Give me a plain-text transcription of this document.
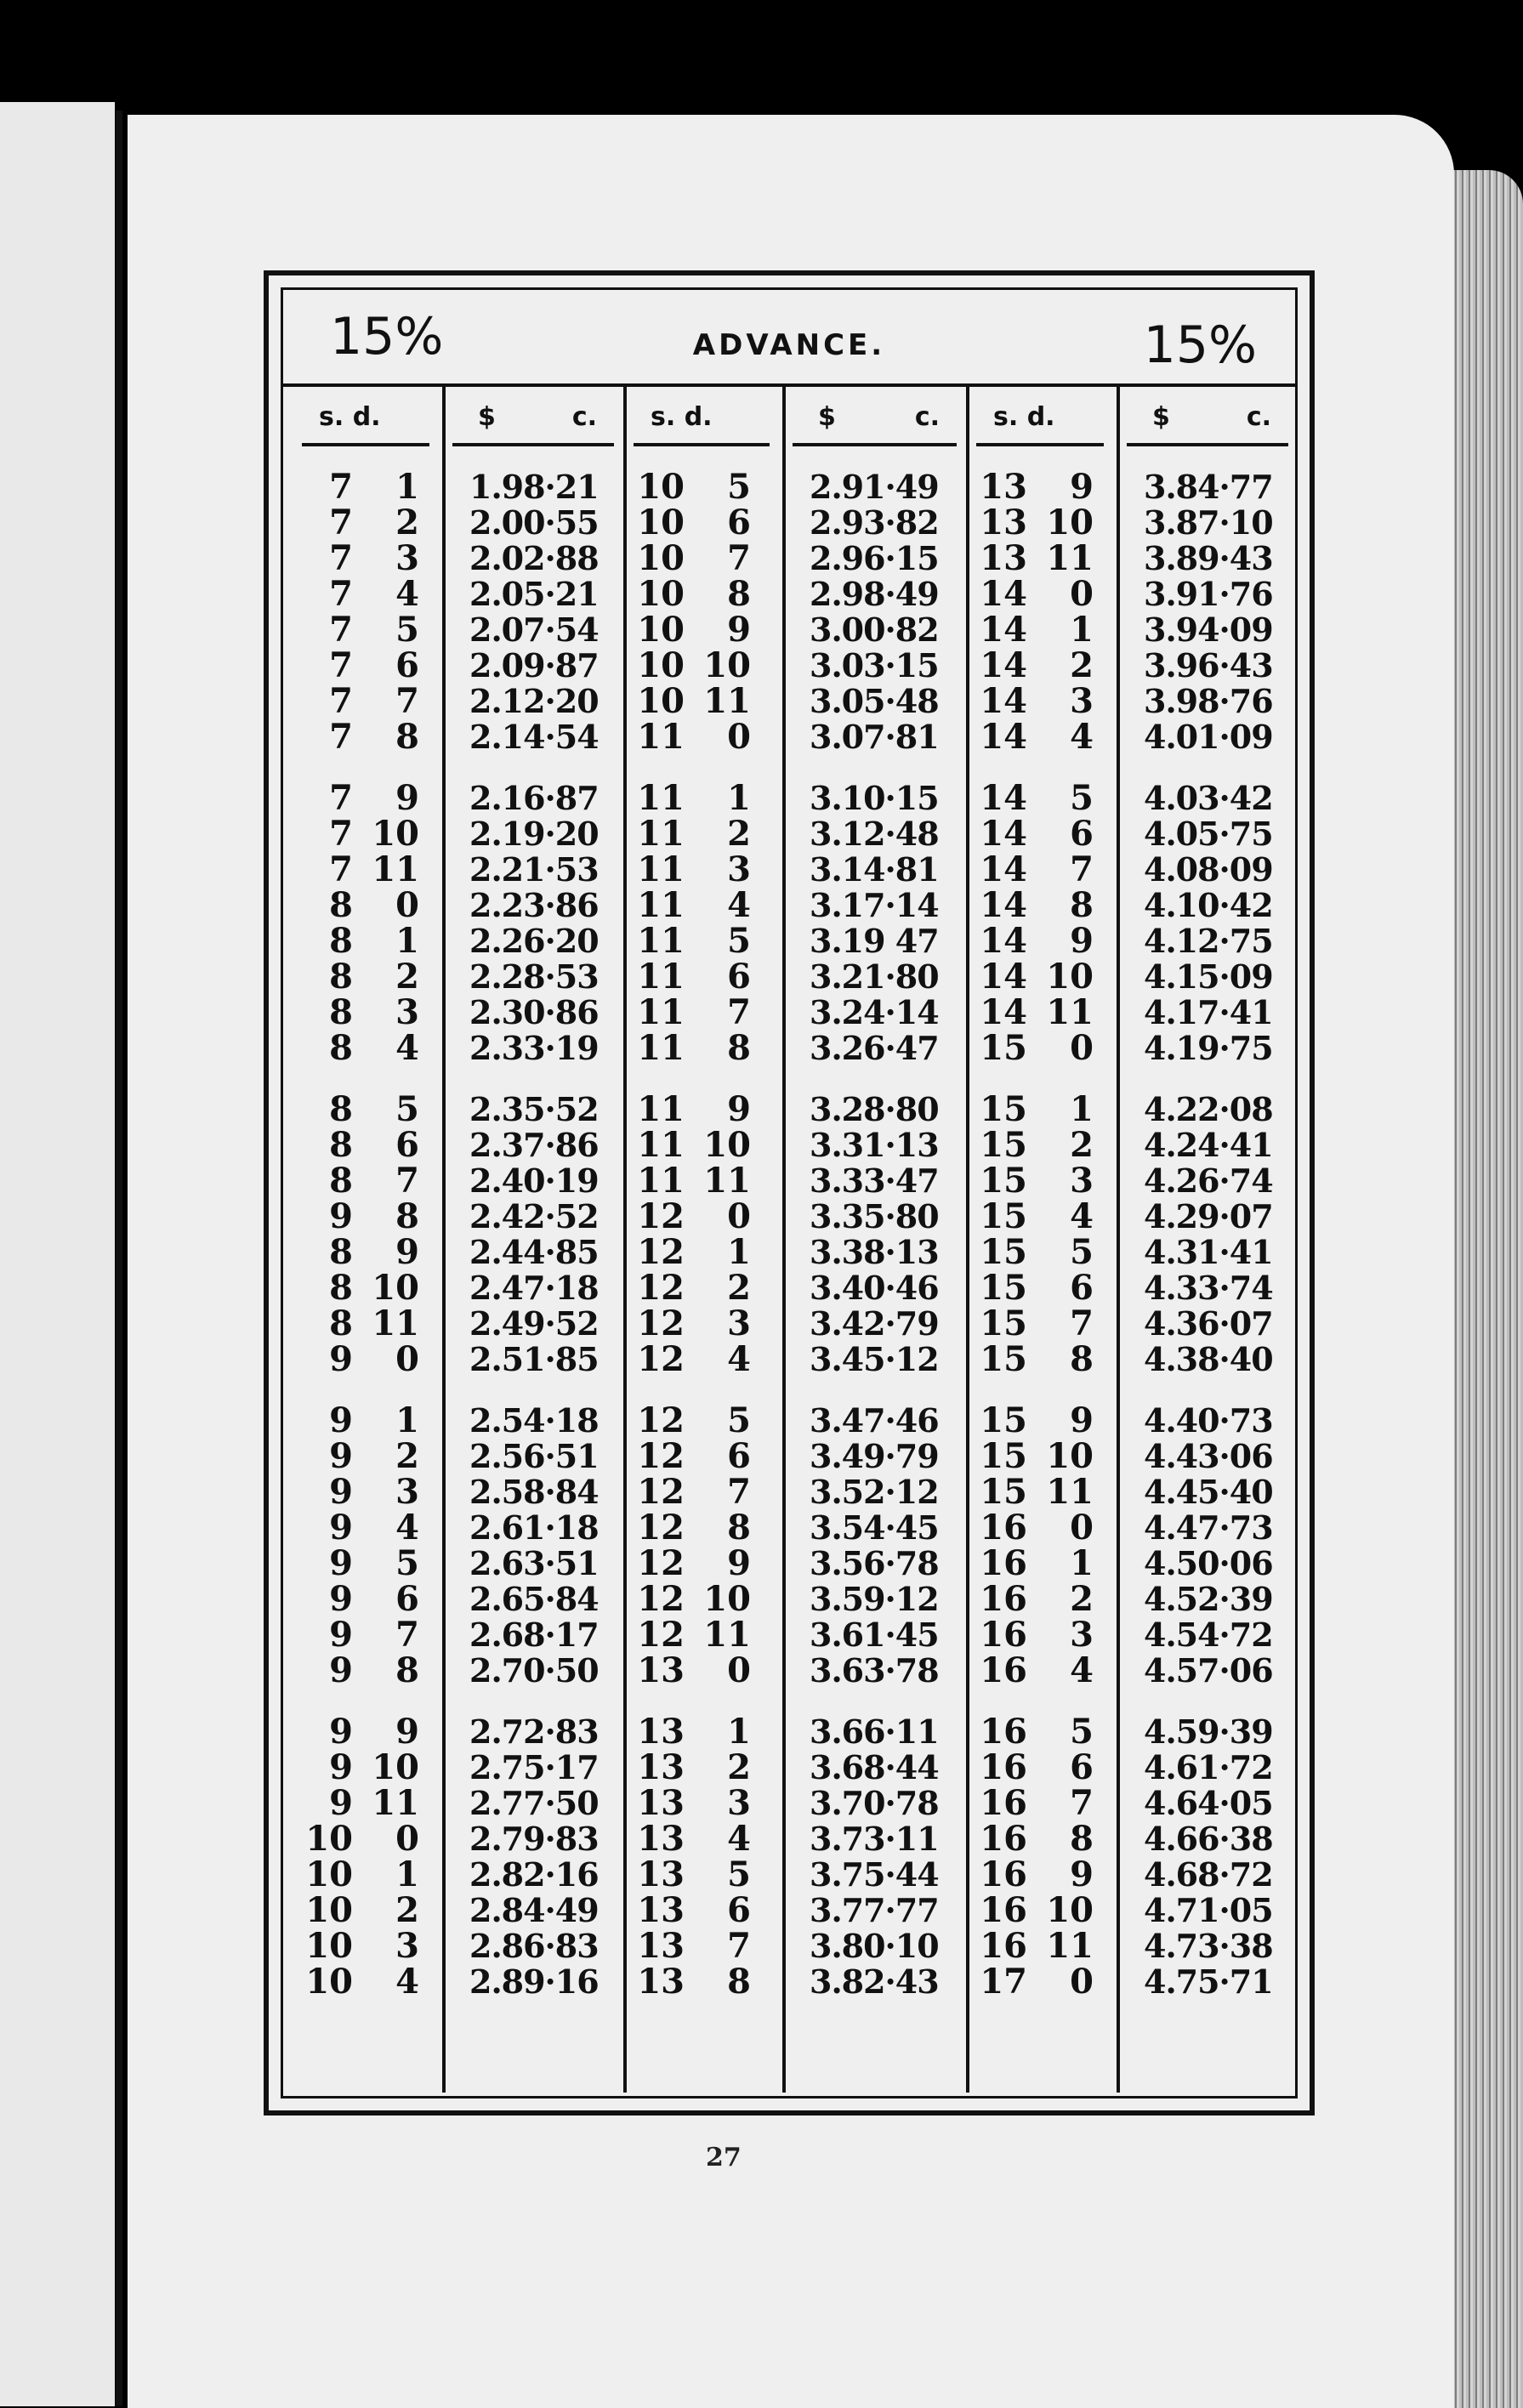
15%	ADVANCE.	15%
s. d.	$	c. s. d.	$	c. s. d.	$	c.
7	1 1.98·21 10	5 2.91·49 13	9 3.84·77
7	2 2.00·55 10	6 2.93·82 13 10 3.87·10
7	3 2.02·88 10	7 2.96·15 13 11 3.89·43
7	4 2.05·21 10	8 2.98·49 14	0 3.91·76
7	5 2.07·54 10	9 3.00·82 14	1 3.94·09
7	6 2.09·87 10 10 3.03·15 14	2 3.96·43
7	7 2.12·20 10 11 3.05·48 14	3 3.98·76
7	8 2.14·54 11	0 3.07·81 14	4 4.01·09
7	9 2.16·87 11	1 3.10·15 14	5 4.03·42
7 10 2.19·20 11	2 3.12·48 14	6 4.05·75
7 11 2.21·53 11	3 3.14·81 14	7 4.08·09
8	0 2.23·86 11	4 3.17·14 14	8 4.10·42
8	1 2.26·20 11	5 3.19 47 14	9 4.12·75
8	2 2.28·53 11	6 3.21·80 14 10 4.15·09
8	3 2.30·86 11	7 3.24·14 14 11 4.17·41
8	4 2.33·19 11	8 3.26·47 15	0 4.19·75
8	5 2.35·52 11	9 3.28·80 15	1 4.22·08
8	6 2.37·86 11 10 3.31·13 15	2 4.24·41
8	7 2.40·19 11 11 3.33·47 15	3 4.26·74
9	8 2.42·52 12	0 3.35·80 15	4 4.29·07
8	9 2.44·85 12	1 3.38·13 15	5 4.31·41
8 10 2.47·18 12	2 3.40·46 15	6 4.33·74
8 11 2.49·52 12	3 3.42·79 15	7 4.36·07
9	0 2.51·85 12	4 3.45·12 15	8 4.38·40
9	1 2.54·18 12	5 3.47·46 15	9 4.40·73
9	2 2.56·51 12	6 3.49·79 15 10 4.43·06
9	3 2.58·84 12	7 3.52·12 15 11 4.45·40
9	4 2.61·18 12	8 3.54·45 16	0 4.47·73
9	5 2.63·51 12	9 3.56·78 16	1 4.50·06
9	6 2.65·84 12 10 3.59·12 16	2 4.52·39
9	7 2.68·17 12 11 3.61·45 16	3 4.54·72
9	8 2.70·50 13	0 3.63·78 16	4 4.57·06
9	9 2.72·83 13	1 3.66·11 16	5 4.59·39
9 10 2.75·17 13	2 3.68·44 16	6 4.61·72
9 11 2.77·50 13	3 3.70·78 16	7 4.64·05
10	0 2.79·83 13	4 3.73·11 16	8 4.66·38
10	1 2.82·16 13	5 3.75·44 16	9 4.68·72
10	2 2.84·49 13	6 3.77·77 16 10 4.71·05
10	3 2.86·83 13	7 3.80·10 16 11 4.73·38
10	4 2.89·16 13	8 3.82·43 17	0 4.75·71
27
